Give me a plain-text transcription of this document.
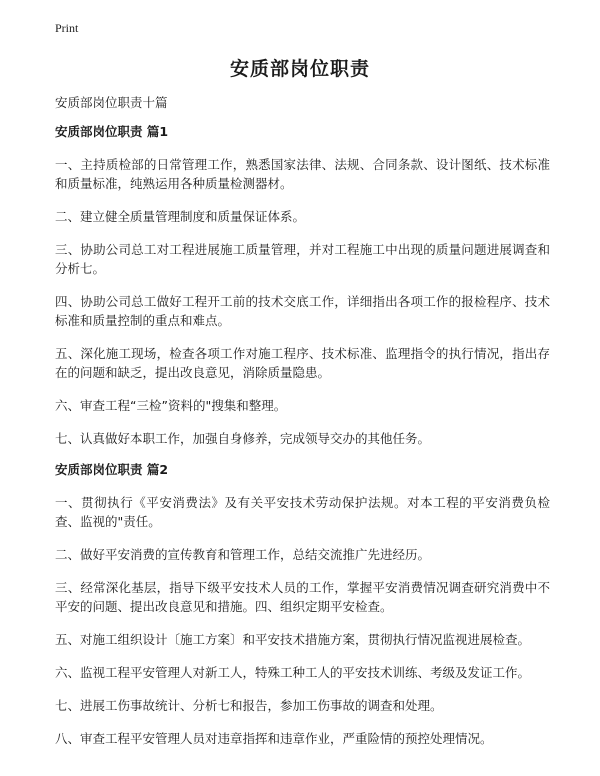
Print
安质部岗位职责

安质部岗位职责十篇

安质部岗位职责 篇1

一、主持质检部的日常管理工作，熟悉国家法律、法规、合同条款、设计图纸、技术标准和质量标准，纯熟运用各种质量检测器材。

二、建立健全质量管理制度和质量保证体系。

三、协助公司总工对工程进展施工质量管理，并对工程施工中出现的质量问题进展调查和分析七。

四、协助公司总工做好工程开工前的技术交底工作，详细指出各项工作的报检程序、技术标准和质量控制的重点和难点。

五、深化施工现场，检查各项工作对施工程序、技术标准、监理指令的执行情况，指出存在的问题和缺乏，提出改良意见，消除质量隐患。

六、审查工程“三检”资料的"搜集和整理。

七、认真做好本职工作，加强自身修养，完成领导交办的其他任务。

安质部岗位职责 篇2

一、贯彻执行《平安消费法》及有关平安技术劳动保护法规。对本工程的平安消费负检查、监视的"责任。

二、做好平安消费的宣传教育和管理工作，总结交流推广先进经历。

三、经常深化基层，指导下级平安技术人员的工作，掌握平安消费情况调查研究消费中不平安的问题、提出改良意见和措施。四、组织定期平安检查。

五、对施工组织设计〔施工方案〕和平安技术措施方案，贯彻执行情况监视进展检查。

六、监视工程平安管理人对新工人，特殊工种工人的平安技术训练、考级及发证工作。

七、进展工伤事故统计、分析七和报告，参加工伤事故的调查和处理。

八、审查工程平安管理人员对违章指挥和违章作业，严重险情的预控处理情况。
